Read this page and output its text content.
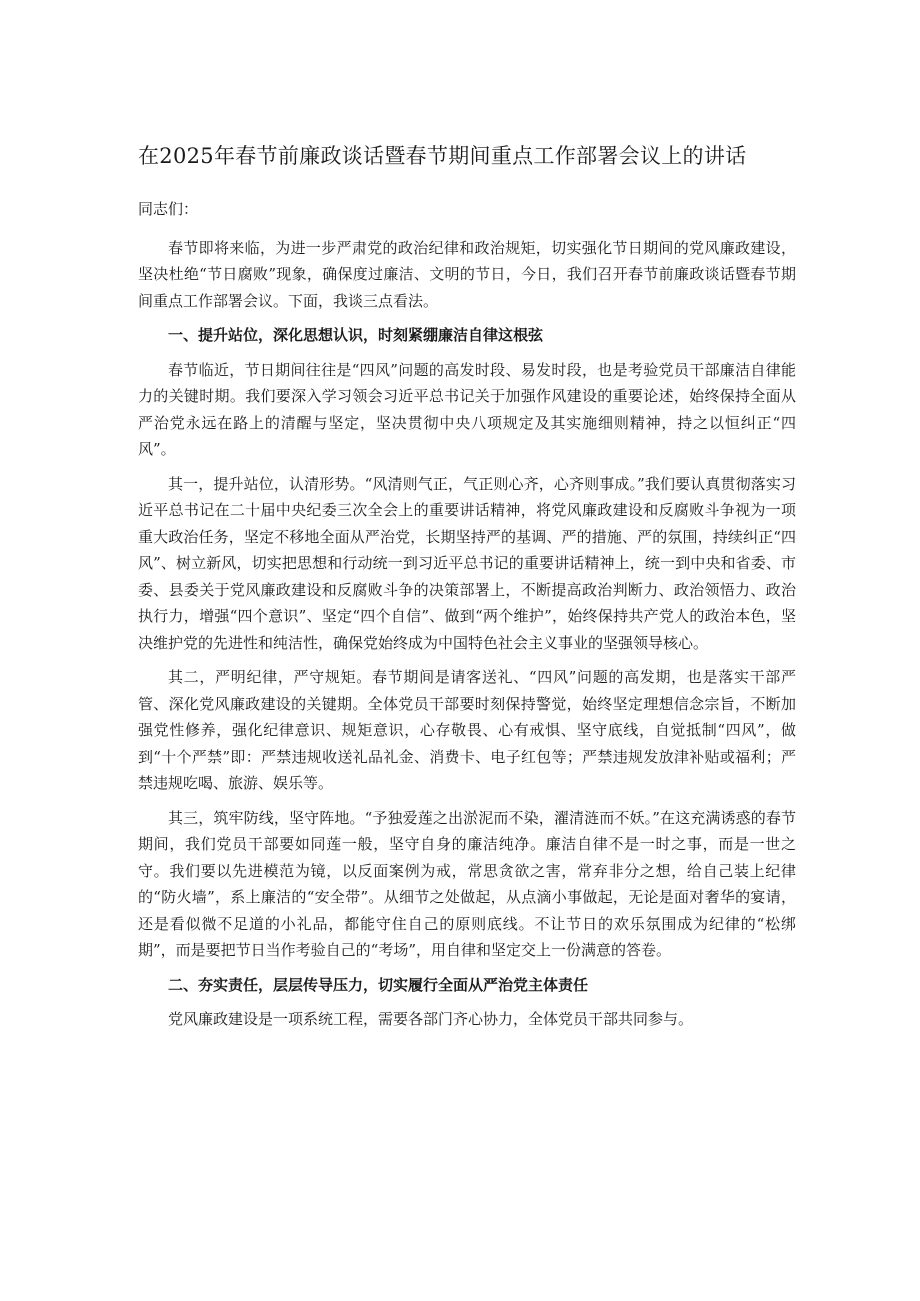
在2025年春节前廉政谈话暨春节期间重点工作部署会议上的讲话

同志们：

春节即将来临，为进一步严肃党的政治纪律和政治规矩，切实强化节日期间的党风廉政建设，坚决杜绝“节日腐败”现象，确保度过廉洁、文明的节日，今日，我们召开春节前廉政谈话暨春节期间重点工作部署会议。下面，我谈三点看法。

一、提升站位，深化思想认识，时刻紧绷廉洁自律这根弦

春节临近，节日期间往往是“四风”问题的高发时段、易发时段，也是考验党员干部廉洁自律能力的关键时期。我们要深入学习领会习近平总书记关于加强作风建设的重要论述，始终保持全面从严治党永远在路上的清醒与坚定，坚决贯彻中央八项规定及其实施细则精神，持之以恒纠正“四风”。

其一，提升站位，认清形势。“风清则气正，气正则心齐，心齐则事成。”我们要认真贯彻落实习近平总书记在二十届中央纪委三次全会上的重要讲话精神，将党风廉政建设和反腐败斗争视为一项重大政治任务，坚定不移地全面从严治党，长期坚持严的基调、严的措施、严的氛围，持续纠正“四风”、树立新风，切实把思想和行动统一到习近平总书记的重要讲话精神上，统一到中央和省委、市委、县委关于党风廉政建设和反腐败斗争的决策部署上，不断提高政治判断力、政治领悟力、政治执行力，增强“四个意识”、坚定“四个自信”、做到“两个维护”，始终保持共产党人的政治本色，坚决维护党的先进性和纯洁性，确保党始终成为中国特色社会主义事业的坚强领导核心。

其二，严明纪律，严守规矩。春节期间是请客送礼、“四风”问题的高发期，也是落实干部严管、深化党风廉政建设的关键期。全体党员干部要时刻保持警觉，始终坚定理想信念宗旨，不断加强党性修养，强化纪律意识、规矩意识，心存敬畏、心有戒惧、坚守底线，自觉抵制“四风”，做到“十个严禁”即：严禁违规收送礼品礼金、消费卡、电子红包等；严禁违规发放津补贴或福利；严禁违规吃喝、旅游、娱乐等。

其三，筑牢防线，坚守阵地。“予独爱莲之出淤泥而不染，濯清涟而不妖。”在这充满诱惑的春节期间，我们党员干部要如同莲一般，坚守自身的廉洁纯净。廉洁自律不是一时之事，而是一世之守。我们要以先进模范为镜，以反面案例为戒，常思贪欲之害，常弃非分之想，给自己装上纪律的“防火墙”，系上廉洁的“安全带”。从细节之处做起，从点滴小事做起，无论是面对奢华的宴请，还是看似微不足道的小礼品，都能守住自己的原则底线。不让节日的欢乐氛围成为纪律的“松绑期”，而是要把节日当作考验自己的“考场”，用自律和坚定交上一份满意的答卷。

二、夯实责任，层层传导压力，切实履行全面从严治党主体责任

党风廉政建设是一项系统工程，需要各部门齐心协力，全体党员干部共同参与。
